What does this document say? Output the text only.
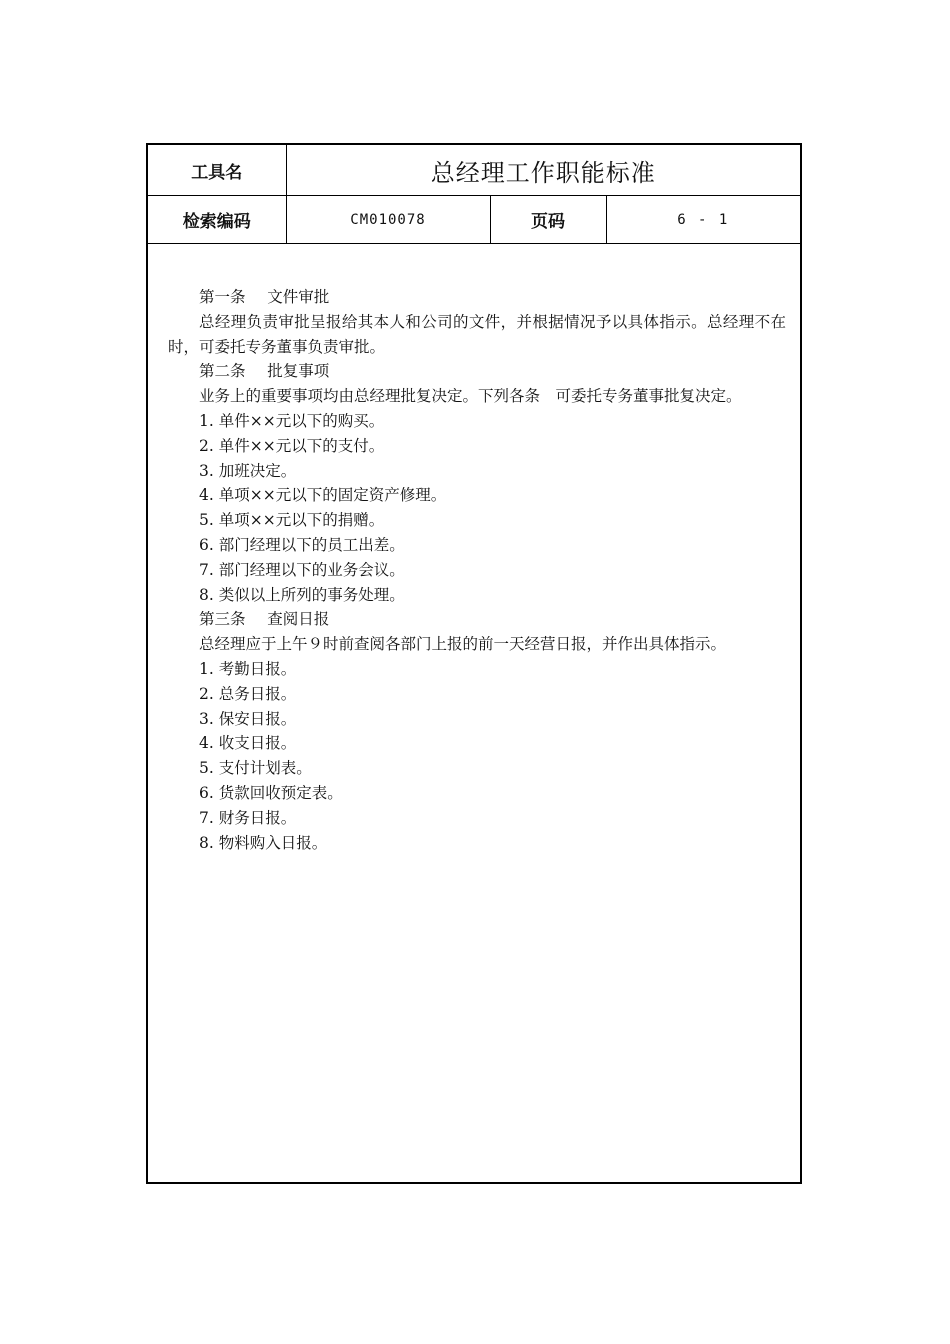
工具名	总经理工作职能标准		
检索编码	CM010078	页码	6 - 1

第一条 文件审批

总经理负责审批呈报给其本人和公司的文件，并根据情况予以具体指示。总经理不在时，可委托专务董事负责审批。

第二条 批复事项

业务上的重要事项均由总经理批复决定。下列各条　可委托专务董事批复决定。

1. 单件××元以下的购买。

2. 单件××元以下的支付。

3. 加班决定。

4. 单项××元以下的固定资产修理。

5. 单项××元以下的捐赠。

6. 部门经理以下的员工出差。

7. 部门经理以下的业务会议。

8. 类似以上所列的事务处理。

第三条 查阅日报

总经理应于上午９时前查阅各部门上报的前一天经营日报，并作出具体指示。

1. 考勤日报。

2. 总务日报。

3. 保安日报。

4. 收支日报。

5. 支付计划表。

6. 货款回收预定表。

7. 财务日报。

8. 物料购入日报。
